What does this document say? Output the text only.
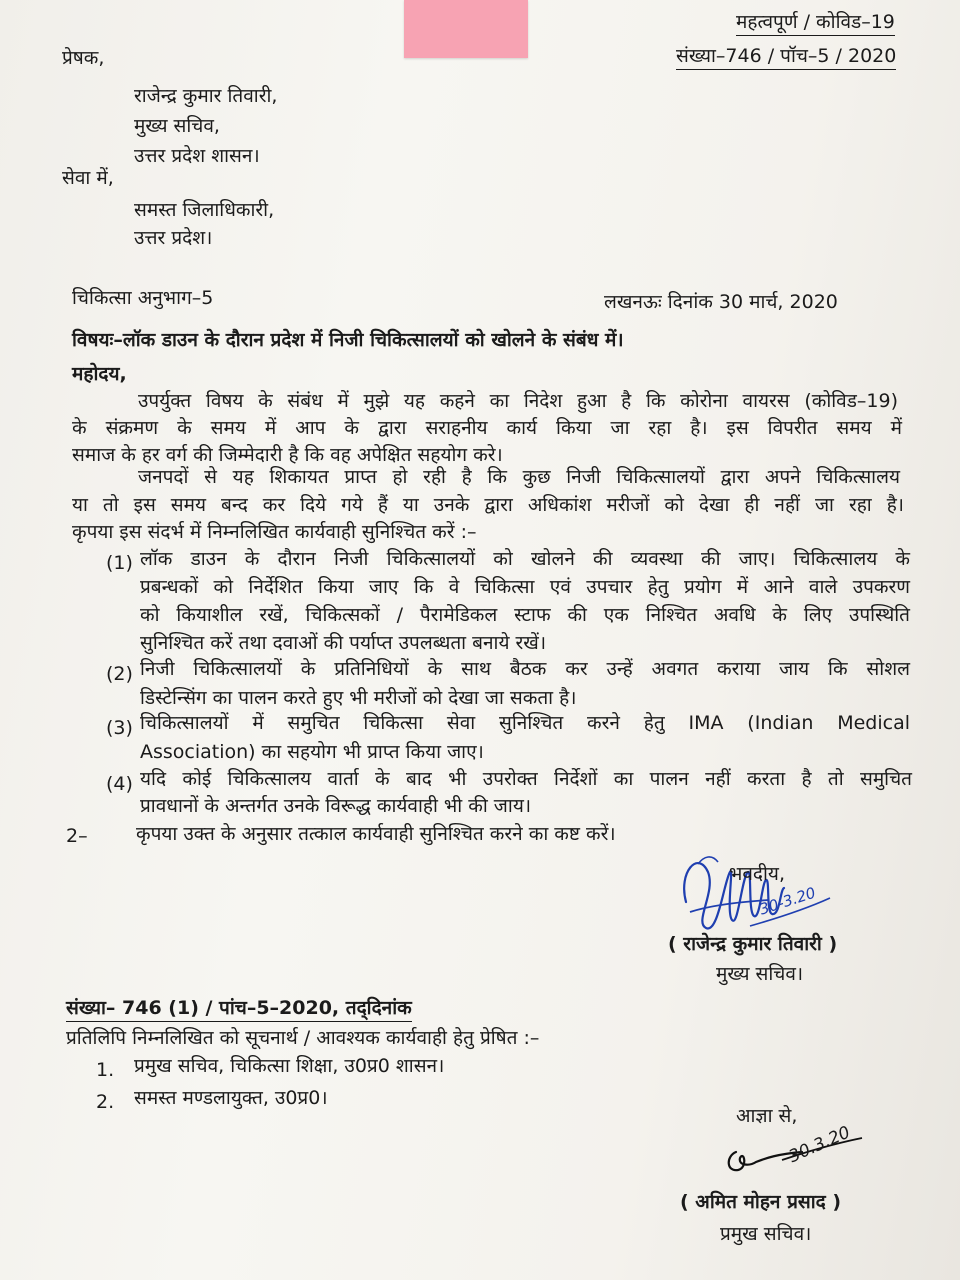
महत्वपूर्ण / कोविड–19
संख्या–746 / पॉच–5 / 2020
प्रेषक,
राजेन्द्र कुमार तिवारी,
मुख्य सचिव,
उत्तर प्रदेश शासन।
सेवा में,
समस्त जिलाधिकारी,
उत्तर प्रदेश।
चिकित्सा अनुभाग–5	लखनऊः दिनांक 30 मार्च, 2020
विषयः–लॉक डाउन के दौरान प्रदेश में निजी चिकित्सालयों को खोलने के संबंध में।
महोदय,
उपर्युक्त विषय के संबंध में मुझे यह कहने का निदेश हुआ है कि कोरोना वायरस (कोविड–19)
के संक्रमण के समय में आप के द्वारा सराहनीय कार्य किया जा रहा है। इस विपरीत समय में
समाज के हर वर्ग की जिम्मेदारी है कि वह अपेक्षित सहयोग करे।
जनपदों से यह शिकायत प्राप्त हो रही है कि कुछ निजी चिकित्सालयों द्वारा अपने चिकित्सालय
या तो इस समय बन्द कर दिये गये हैं या उनके द्वारा अधिकांश मरीजों को देखा ही नहीं जा रहा है।
कृपया इस संदर्भ में निम्नलिखित कार्यवाही सुनिश्चित करें :–
(1) लॉक डाउन के दौरान निजी चिकित्सालयों को खोलने की व्यवस्था की जाए। चिकित्सालय के
प्रबन्धकों को निर्देशित किया जाए कि वे चिकित्सा एवं उपचार हेतु प्रयोग में आने वाले उपकरण
को कियाशील रखें, चिकित्सकों / पैरामेडिकल स्टाफ की एक निश्चित अवधि के लिए उपस्थिति
सुनिश्चित करें तथा दवाओं की पर्याप्त उपलब्धता बनाये रखें।
(2) निजी चिकित्सालयों के प्रतिनिधियों के साथ बैठक कर उन्हें अवगत कराया जाय कि सोशल
डिस्टेन्सिंग का पालन करते हुए भी मरीजों को देखा जा सकता है।
(3) चिकित्सालयों में समुचित चिकित्सा सेवा सुनिश्चित करने हेतु IMA (Indian Medical
Association) का सहयोग भी प्राप्त किया जाए।
(4) यदि कोई चिकित्सालय वार्ता के बाद भी उपरोक्त निर्देशों का पालन नहीं करता है तो समुचित
प्रावधानों के अन्तर्गत उनके विरूद्ध कार्यवाही भी की जाय।
2–	कृपया उक्त के अनुसार तत्काल कार्यवाही सुनिश्चित करने का कष्ट करें।
भवदीय,
30-3.20
( राजेन्द्र कुमार तिवारी )
मुख्य सचिव।
संख्या– 746 (1) / पांच–5–2020, तद्‌दिनांक
प्रतिलिपि निम्नलिखित को सूचनार्थ / आवश्यक कार्यवाही हेतु प्रेषित :–
1. प्रमुख सचिव, चिकित्सा शिक्षा, उ0प्र0 शासन।
2. समस्त मण्डलायुक्त, उ0प्र0।
आज्ञा से,
30.3.20
( अमित मोहन प्रसाद )
प्रमुख सचिव।
